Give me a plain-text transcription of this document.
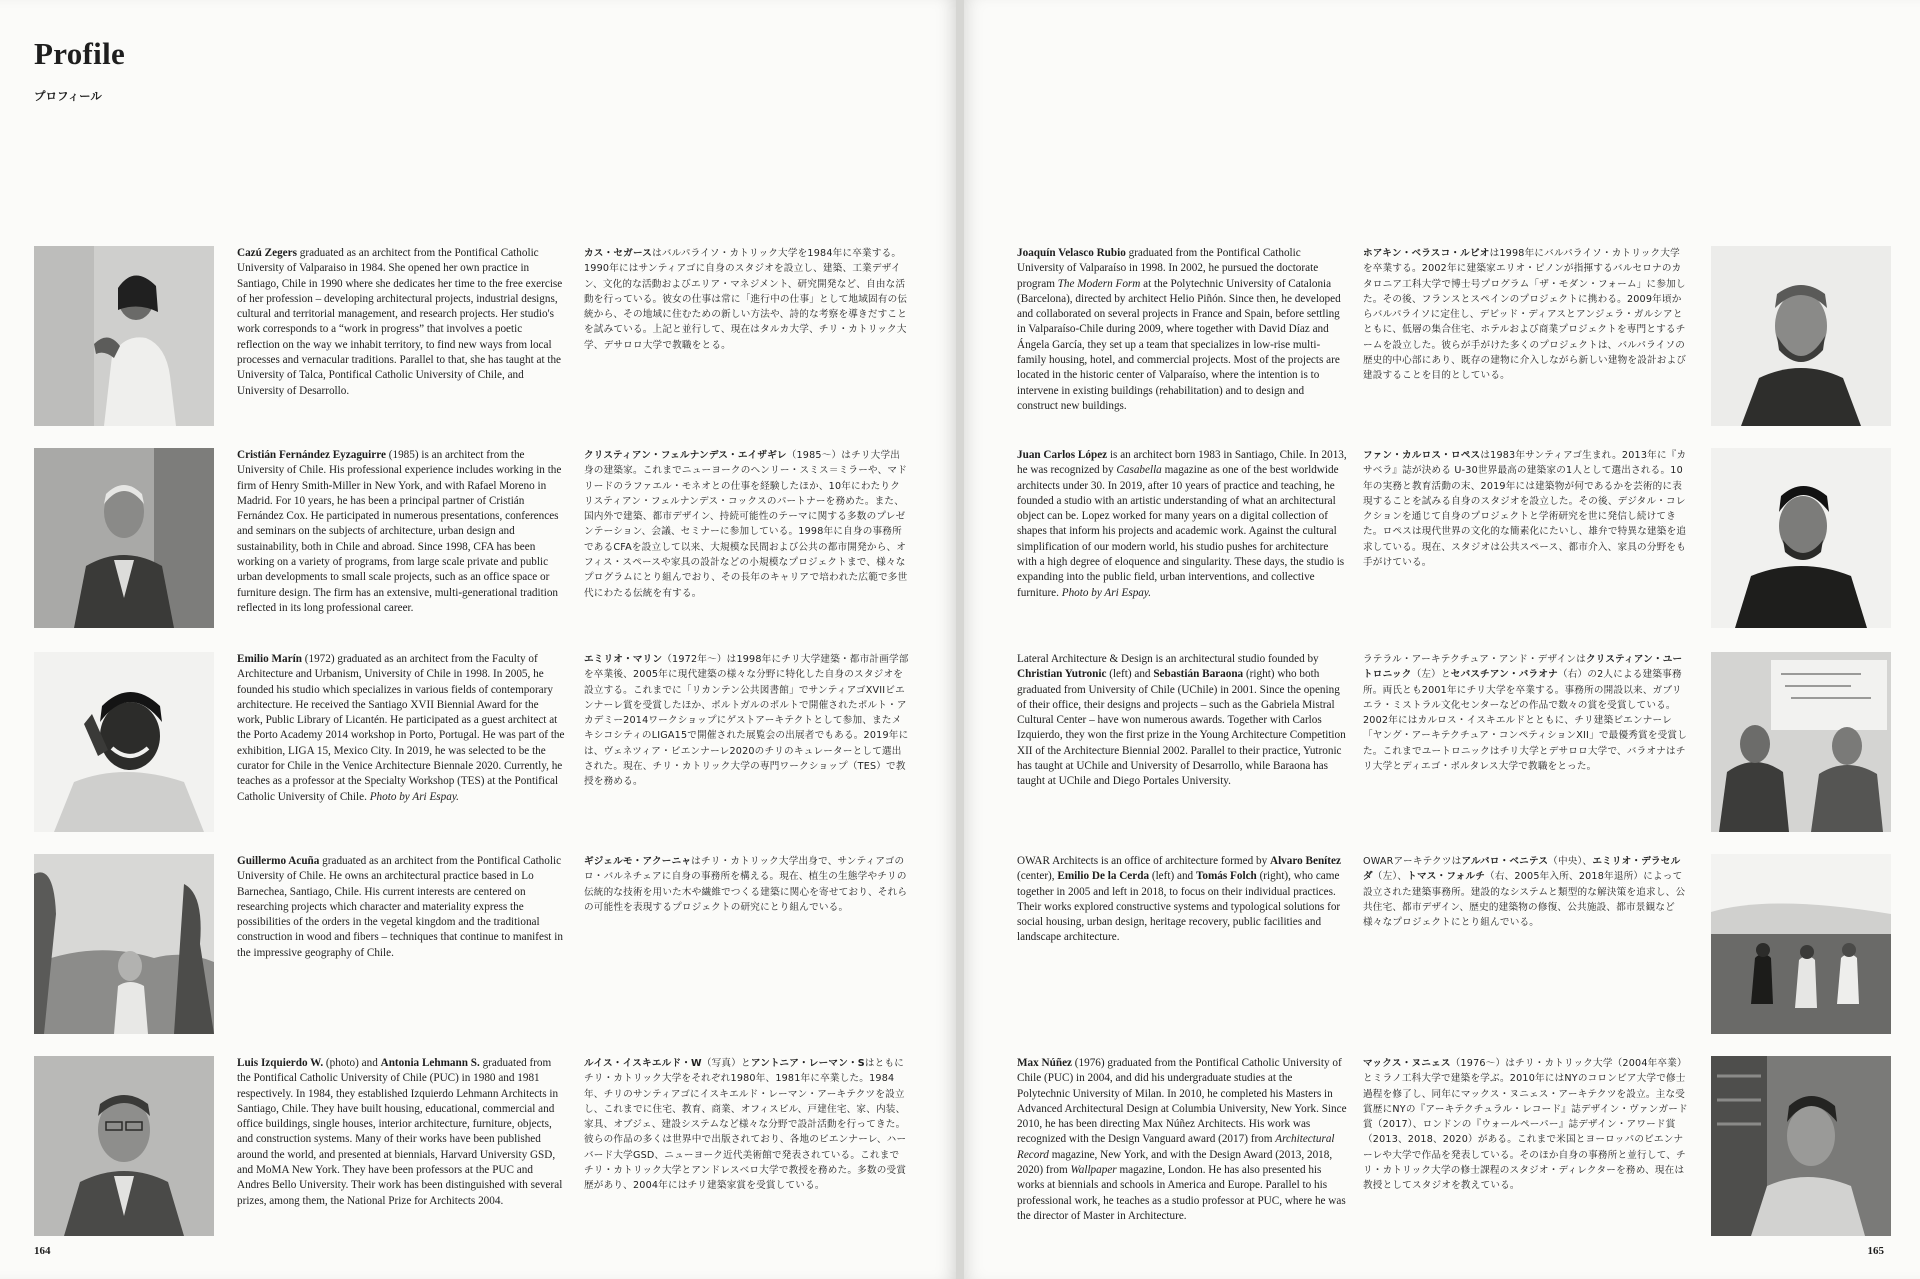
Profile

プロフィール

Cazú Zegers graduated as an architect from the Pontifical Catholic University of Valparaiso in 1984. She opened her own practice in Santiago, Chile in 1990 where she dedicates her time to the free exercise of her profession – developing architectural projects, industrial designs, cultural and territorial management, and research projects. Her studio's work corresponds to a “work in progress” that involves a poetic reflection on the way we inhabit territory, to find new ways from local processes and vernacular traditions. Parallel to that, she has taught at the University of Talca, Pontifical Catholic University of Chile, and University of Desarrollo.

カス・セガースはバルパライソ・カトリック大学を1984年に卒業する。1990年にはサンティアゴに自身のスタジオを設立し、建築、工業デザイン、文化的な活動およびエリア・マネジメント、研究開発など、自由な活動を行っている。彼女の仕事は常に「進行中の仕事」として地域固有の伝統から、その地域に住むための新しい方法や、詩的な考察を導きだすことを試みている。上記と並行して、現在はタルカ大学、チリ・カトリック大学、デサロロ大学で教職をとる。

Cristián Fernández Eyzaguirre (1985) is an architect from the University of Chile. His professional experience includes working in the firm of Henry Smith-Miller in New York, and with Rafael Moreno in Madrid. For 10 years, he has been a principal partner of Cristián Fernández Cox. He participated in numerous presentations, conferences and seminars on the subjects of architecture, urban design and sustainability, both in Chile and abroad. Since 1998, CFA has been working on a variety of programs, from large scale private and public urban developments to small scale projects, such as an office space or furniture design. The firm has an extensive, multi-generational tradition reflected in its long professional career.

クリスティアン・フェルナンデス・エイザギレ（1985〜）はチリ大学出身の建築家。これまでニューヨークのヘンリー・スミス＝ミラーや、マドリードのラファエル・モネオとの仕事を経験したほか、10年にわたりクリスティアン・フェルナンデス・コックスのパートナーを務めた。また、国内外で建築、都市デザイン、持続可能性のテーマに関する多数のプレゼンテーション、会議、セミナーに参加している。1998年に自身の事務所であるCFAを設立して以来、大規模な民間および公共の都市開発から、オフィス・スペースや家具の設計などの小規模なプロジェクトまで、様々なプログラムにとり組んでおり、その長年のキャリアで培われた広範で多世代にわたる伝統を有する。

Emilio Marín (1972) graduated as an architect from the Faculty of Architecture and Urbanism, University of Chile in 1998. In 2005, he founded his studio which specializes in various fields of contemporary architecture. He received the Santiago XVII Biennial Award for the work, Public Library of Licantén. He participated as a guest architect at the Porto Academy 2014 workshop in Porto, Portugal. He was part of the exhibition, LIGA 15, Mexico City. In 2019, he was selected to be the curator for Chile in the Venice Architecture Biennale 2020. Currently, he teaches as a professor at the Specialty Workshop (TES) at the Pontifical Catholic University of Chile. Photo by Ari Espay.

エミリオ・マリン（1972年〜）は1998年にチリ大学建築・都市計画学部を卒業後、2005年に現代建築の様々な分野に特化した自身のスタジオを設立する。これまでに「リカンテン公共図書館」でサンティアゴXVIIビエンナーレ賞を受賞したほか、ポルトガルのポルトで開催されたポルト・アカデミー2014ワークショップにゲストアーキテクトとして参加、またメキシコシティのLIGA15で開催された展覧会の出展者でもある。2019年には、ヴェネツィア・ビエンナーレ2020のチリのキュレーターとして選出された。現在、チリ・カトリック大学の専門ワークショップ（TES）で教授を務める。

Guillermo Acuña graduated as an architect from the Pontifical Catholic University of Chile. He owns an architectural practice based in Lo Barnechea, Santiago, Chile. His current interests are centered on researching projects which character and materiality express the possibilities of the orders in the vegetal kingdom and the traditional construction in wood and fibers – techniques that continue to manifest in the impressive geography of Chile.

ギジェルモ・アクーニャはチリ・カトリック大学出身で、サンティアゴのロ・バルネチェアに自身の事務所を構える。現在、植生の生態学やチリの伝統的な技術を用いた木や繊維でつくる建築に関心を寄せており、それらの可能性を表現するプロジェクトの研究にとり組んでいる。

Luis Izquierdo W. (photo) and Antonia Lehmann S. graduated from the Pontifical Catholic University of Chile (PUC) in 1980 and 1981 respectively. In 1984, they established Izquierdo Lehmann Architects in Santiago, Chile. They have built housing, educational, commercial and office buildings, single houses, interior architecture, furniture, objects, and construction systems. Many of their works have been published around the world, and presented at biennials, Harvard University GSD, and MoMA New York. They have been professors at the PUC and Andres Bello University. Their work has been distinguished with several prizes, among them, the National Prize for Architects 2004.

ルイス・イスキエルド・W（写真）とアントニア・レーマン・Sはともにチリ・カトリック大学をそれぞれ1980年、1981年に卒業した。1984年、チリのサンティアゴにイスキエルド・レーマン・アーキテクツを設立し、これまでに住宅、教育、商業、オフィスビル、戸建住宅、家、内装、家具、オブジェ、建設システムなど様々な分野で設計活動を行ってきた。彼らの作品の多くは世界中で出版されており、各地のビエンナーレ、ハーバード大学GSD、ニューヨーク近代美術館で発表されている。これまでチリ・カトリック大学とアンドレスベロ大学で教授を務めた。多数の受賞歴があり、2004年にはチリ建築家賞を受賞している。

164

Joaquín Velasco Rubio graduated from the Pontifical Catholic University of Valparaíso in 1998. In 2002, he pursued the doctorate program The Modern Form at the Polytechnic University of Catalonia (Barcelona), directed by architect Helio Piñón. Since then, he developed and collaborated on several projects in France and Spain, before settling in Valparaíso-Chile during 2009, where together with David Díaz and Ángela García, they set up a team that specializes in low-rise multi-family housing, hotel, and commercial projects. Most of the projects are located in the historic center of Valparaíso, where the intention is to intervene in existing buildings (rehabilitation) and to design and construct new buildings.

ホアキン・ベラスコ・ルビオは1998年にバルパライソ・カトリック大学を卒業する。2002年に建築家エリオ・ピノンが指揮するバルセロナのカタロニア工科大学で博士号プログラム「ザ・モダン・フォーム」に参加した。その後、フランスとスペインのプロジェクトに携わる。2009年頃からバルパライソに定住し、デビッド・ディアスとアンジェラ・ガルシアとともに、低層の集合住宅、ホテルおよび商業プロジェクトを専門とするチームを設立した。彼らが手がけた多くのプロジェクトは、バルパライソの歴史的中心部にあり、既存の建物に介入しながら新しい建物を設計および建設することを目的としている。

Juan Carlos López is an architect born 1983 in Santiago, Chile. In 2013, he was recognized by Casabella magazine as one of the best worldwide architects under 30. In 2019, after 10 years of practice and teaching, he founded a studio with an artistic understanding of what an architectural object can be. Lopez worked for many years on a digital collection of shapes that inform his projects and academic work. Against the cultural simplification of our modern world, his studio pushes for architecture with a high degree of eloquence and singularity. These days, the studio is expanding into the public field, urban interventions, and collective furniture. Photo by Ari Espay.

ファン・カルロス・ロペスは1983年サンティアゴ生まれ。2013年に『カサベラ』誌が決める U-30世界最高の建築家の1人として選出される。10年の実務と教育活動の末、2019年には建築物が何であるかを芸術的に表現することを試みる自身のスタジオを設立した。その後、デジタル・コレクションを通じて自身のプロジェクトと学術研究を世に発信し続けてきた。ロペスは現代世界の文化的な簡素化にたいし、雄弁で特異な建築を追求している。現在、スタジオは公共スペース、都市介入、家具の分野をも手がけている。

Lateral Architecture & Design is an architectural studio founded by Christian Yutronic (left) and Sebastián Baraona (right) who both graduated from University of Chile (UChile) in 2001. Since the opening of their office, their designs and projects – such as the Gabriela Mistral Cultural Center – have won numerous awards. Together with Carlos Izquierdo, they won the first prize in the Young Architecture Competition XII of the Architecture Biennial 2002. Parallel to their practice, Yutronic has taught at UChile and University of Desarrollo, while Baraona has taught at UChile and Diego Portales University.

ラテラル・アーキテクチュア・アンド・デザインはクリスティアン・ユートロニック（左）とセバスチアン・バラオナ（右）の2人による建築事務所。両氏とも2001年にチリ大学を卒業する。事務所の開設以来、ガブリエラ・ミストラル文化センターなどの作品で数々の賞を受賞している。2002年にはカルロス・イスキエルドとともに、チリ建築ビエンナーレ「ヤング・アーキテクチュア・コンペティションXII」で最優秀賞を受賞した。これまでユートロニックはチリ大学とデサロロ大学で、バラオナはチリ大学とディエゴ・ポルタレス大学で教職をとった。

OWAR Architects is an office of architecture formed by Alvaro Benítez (center), Emilio De la Cerda (left) and Tomás Folch (right), who came together in 2005 and left in 2018, to focus on their individual practices. Their works explored constructive systems and typological solutions for social housing, urban design, heritage recovery, public facilities and landscape architecture.

OWARアーキテクツはアルバロ・ベニテス（中央）、エミリオ・デラセルダ（左）、トマス・フォルチ（右、2005年入所、2018年退所）によって設立された建築事務所。建設的なシステムと類型的な解決策を追求し、公共住宅、都市デザイン、歴史的建築物の修復、公共施設、都市景観など様々なプロジェクトにとり組んでいる。

Max Núñez (1976) graduated from the Pontifical Catholic University of Chile (PUC) in 2004, and did his undergraduate studies at the Polytechnic University of Milan. In 2010, he completed his Masters in Advanced Architectural Design at Columbia University, New York. Since 2010, he has been directing Max Núñez Architects. His work was recognized with the Design Vanguard award (2017) from Architectural Record magazine, New York, and with the Design Award (2013, 2018, 2020) from Wallpaper magazine, London. He has also presented his works at biennials and schools in America and Europe. Parallel to his professional work, he teaches as a studio professor at PUC, where he was the director of Master in Architecture.

マックス・ヌニェス（1976〜）はチリ・カトリック大学（2004年卒業）とミラノ工科大学で建築を学ぶ。2010年にはNYのコロンビア大学で修士過程を修了し、同年にマックス・ヌニェス・アーキテクツを設立。主な受賞歴にNYの『アーキテクチュラル・レコード』誌デザイン・ヴァンガード賞（2017）、ロンドンの『ウォールペーパー』誌デザイン・アワード賞（2013、2018、2020）がある。これまで米国とヨーロッパのビエンナーレや大学で作品を発表している。そのほか自身の事務所と並行して、チリ・カトリック大学の修士課程のスタジオ・ディレクターを務め、現在は教授としてスタジオを教えている。

165
